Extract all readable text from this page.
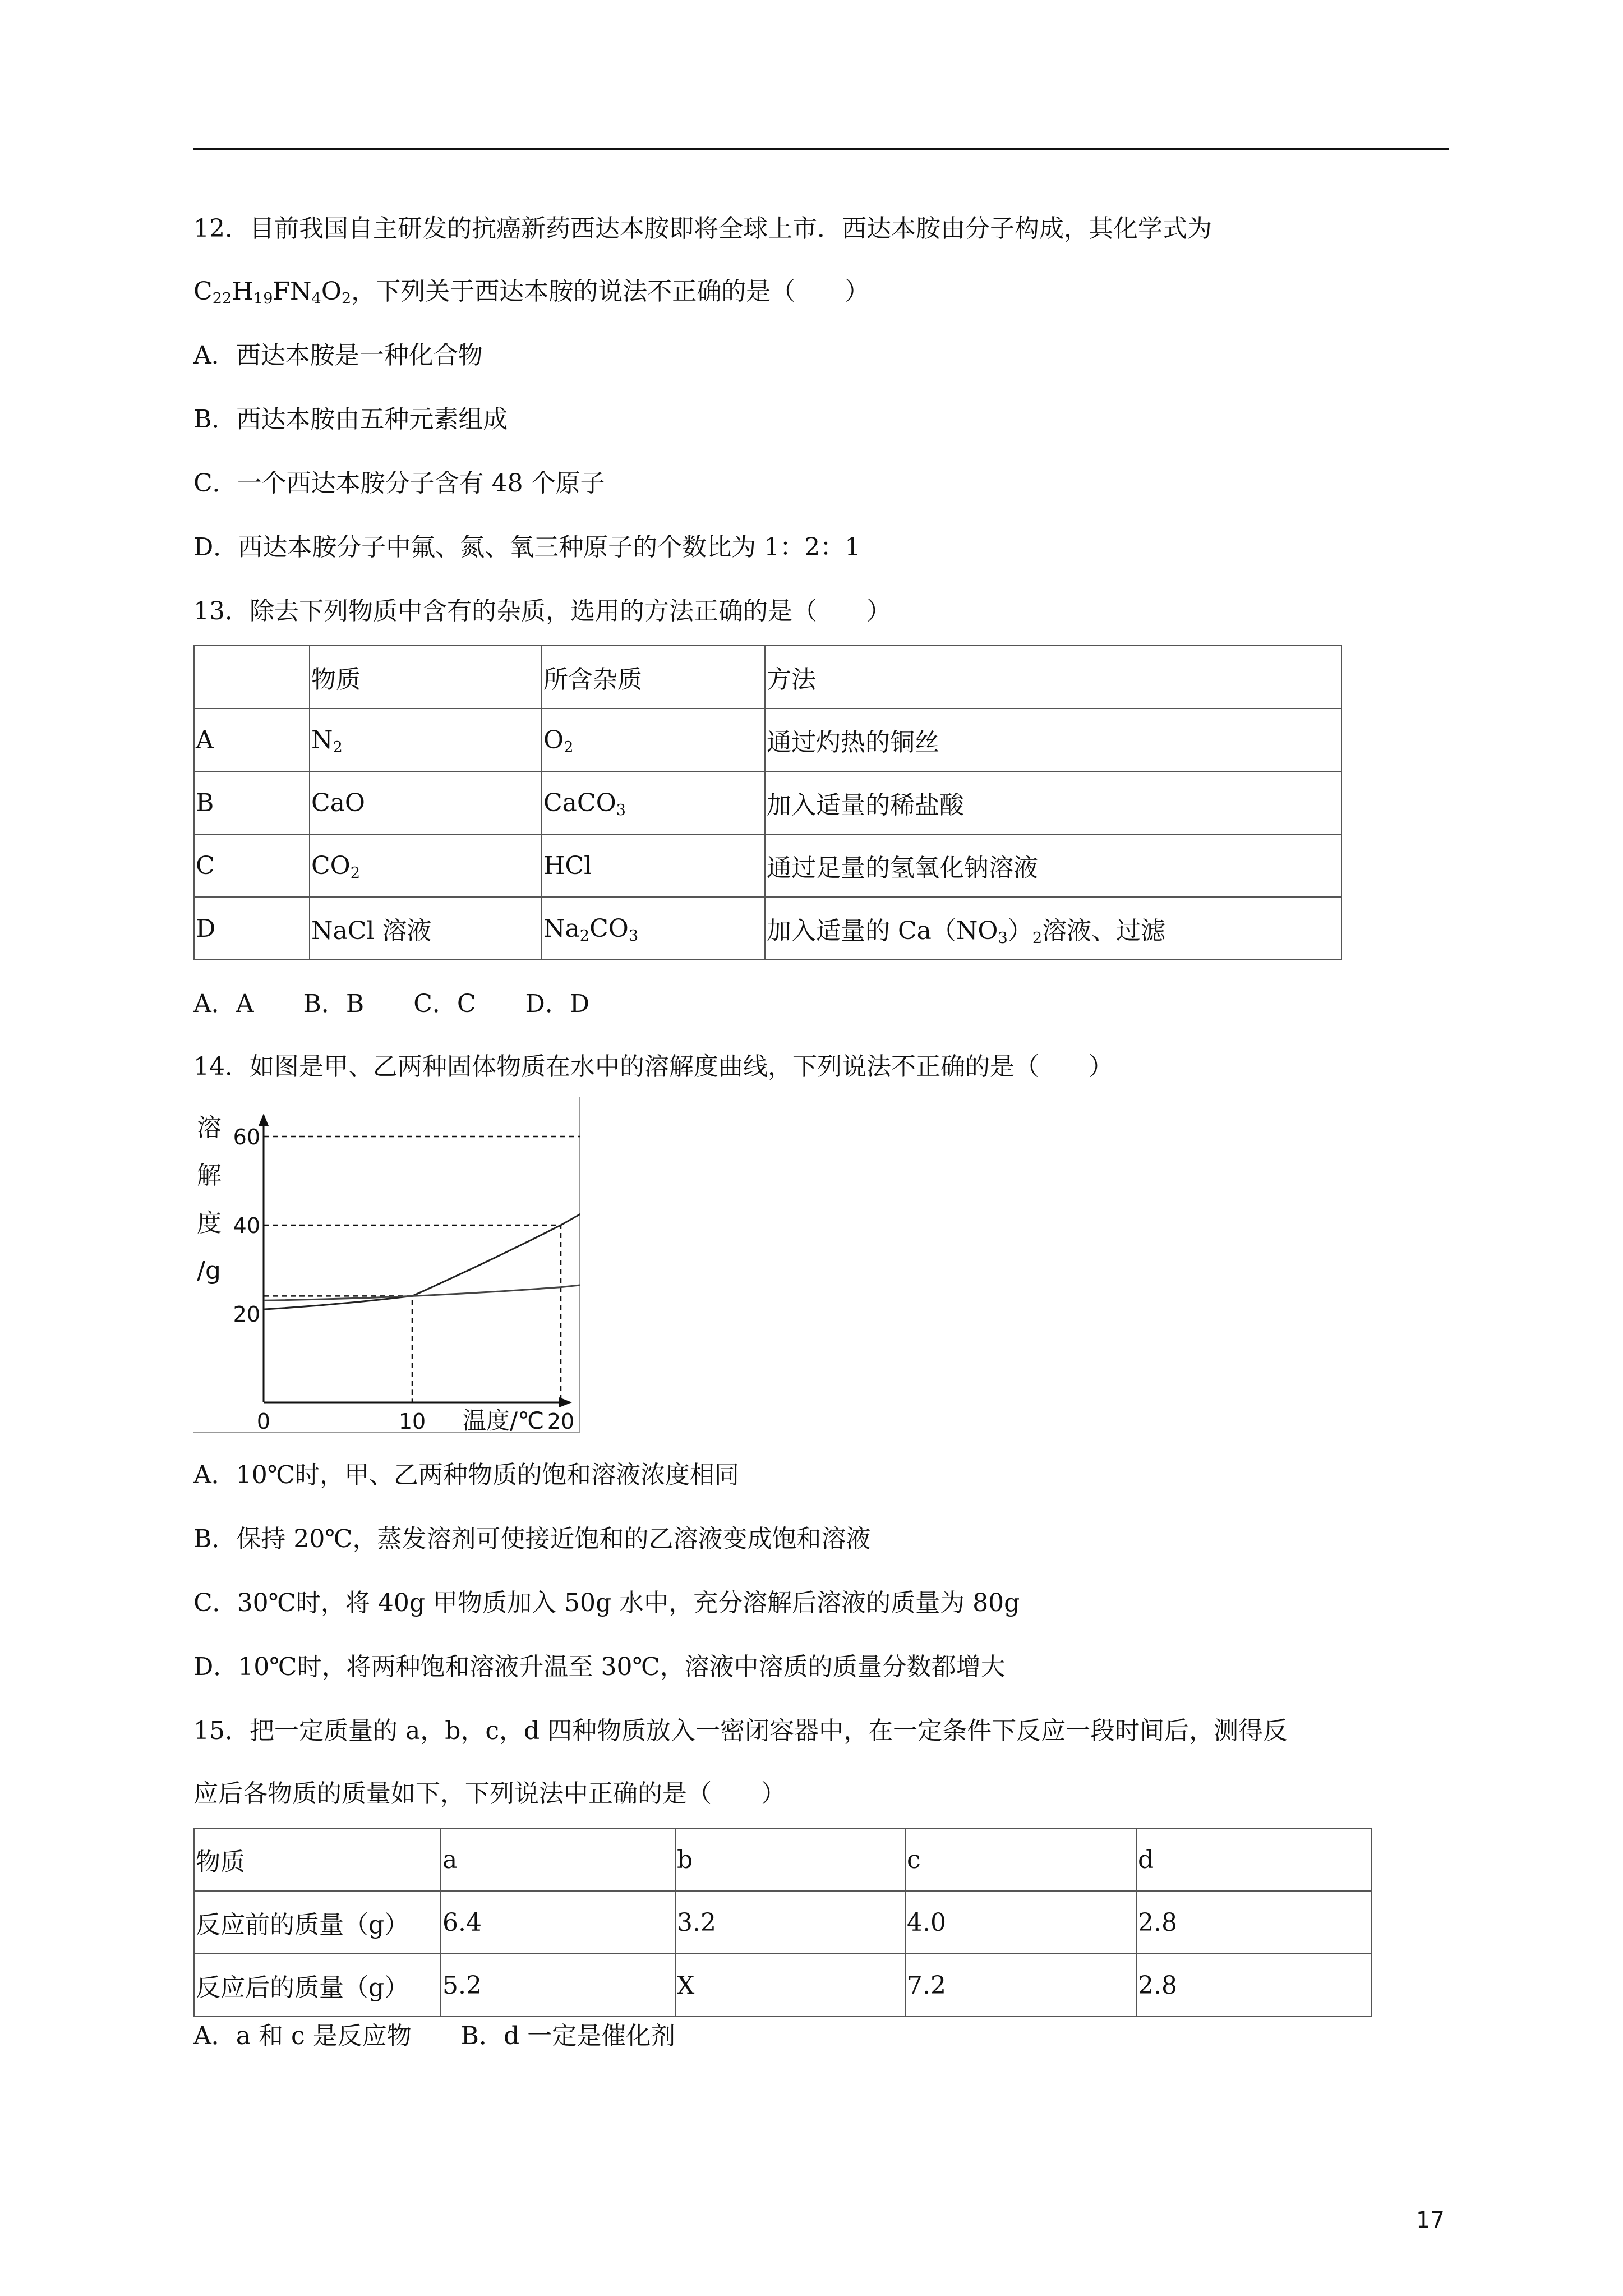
12．目前我国自主研发的抗癌新药西达本胺即将全球上市．西达本胺由分子构成，其化学式为
$C_{22}H_{19}FN_4O_2$，下列关于西达本胺的说法不正确的是（　　）
A．西达本胺是一种化合物
B．西达本胺由五种元素组成
C．一个西达本胺分子含有 48 个原子
D．西达本胺分子中氟、氮、氧三种原子的个数比为 1：2：1
13．除去下列物质中含有的杂质，选用的方法正确的是（　　）
	物质	所含杂质	方法
A	$N_2$	$O_2$	通过灼热的铜丝
B	CaO	CaCO$_3$	加入适量的稀盐酸
C	$CO_2$	HCl	通过足量的氢氧化钠溶液
D	NaCl 溶液	$Na_2CO_3$	加入适量的 $Ca(NO_3)_2$溶液、过滤
A．A　　B．B　　C．C　　D．D
14．如图是甲、乙两种固体物质在水中的溶解度曲线，下列说法不正确的是（　　）
溶
解
度
/g
0	10	20
20
40
60
温度/℃
A．10℃时，甲、乙两种物质的饱和溶液浓度相同
B．保持 20℃，蒸发溶剂可使接近饱和的乙溶液变成饱和溶液
C．30℃时，将 40g 甲物质加入 50g 水中，充分溶解后溶液的质量为 80g
D．10℃时，将两种饱和溶液升温至 30℃，溶液中溶质的质量分数都增大
15．把一定质量的 a，b，c，d 四种物质放入一密闭容器中，在一定条件下反应一段时间后，测得反
应后各物质的质量如下，下列说法中正确的是（　　）
物质	a	b	c	d
反应前的质量（g）	6.4	3.2	4.0	2.8
反应后的质量（g）	5.2	X	7.2	2.8
A．a 和 c 是反应物　　B．d 一定是催化剂
17
